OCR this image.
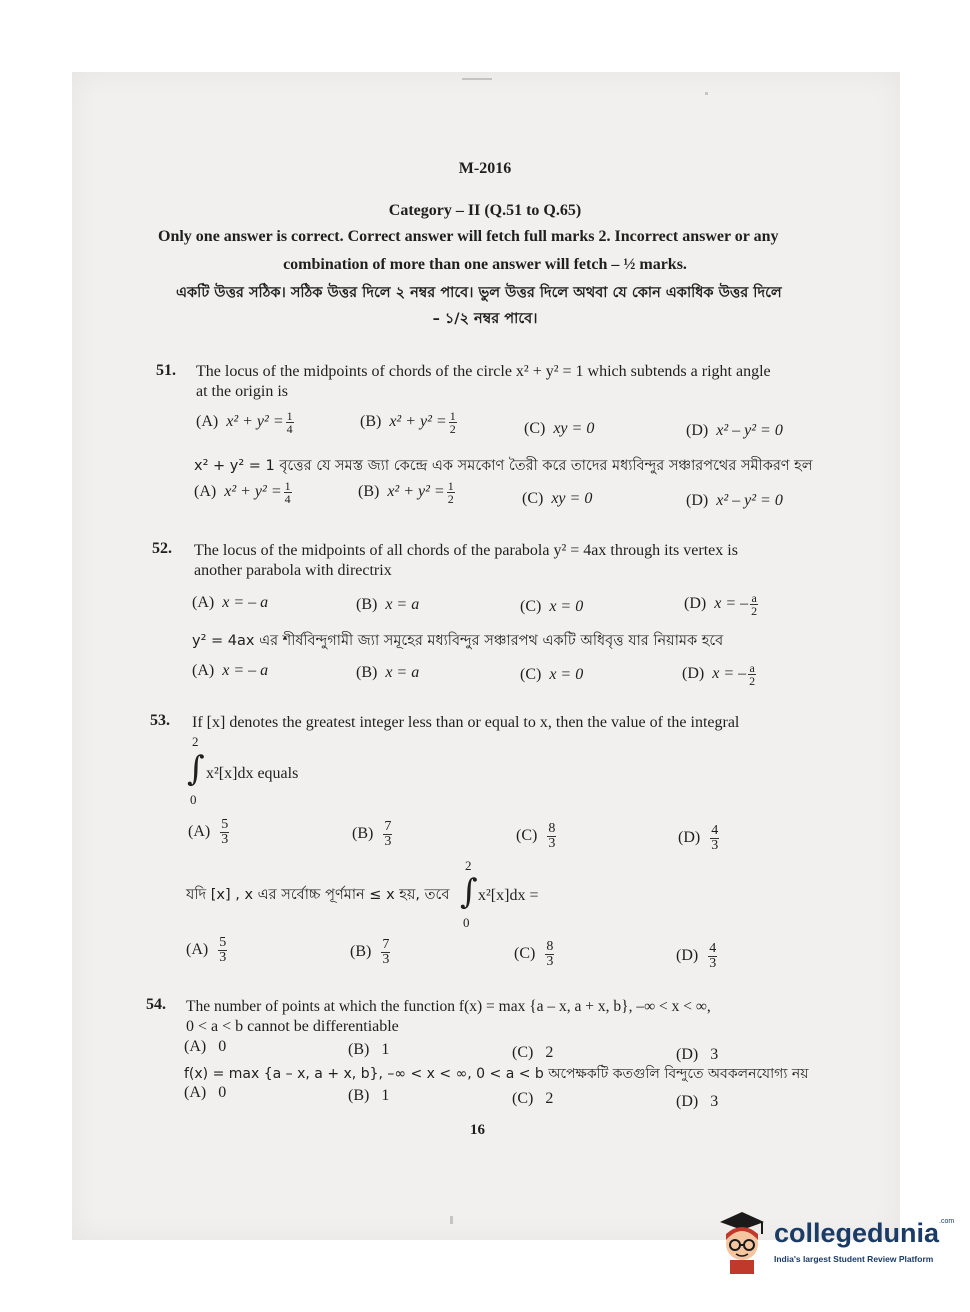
M-2016
Category – II (Q.51 to Q.65)
Only one answer is correct. Correct answer will fetch full marks 2. Incorrect answer or any
combination of more than one answer will fetch – ½ marks.
একটি উত্তর সঠিক। সঠিক উত্তর দিলে ২ নম্বর পাবে। ভুল উত্তর দিলে অথবা যে কোন একাধিক উত্তর দিলে
– ১/২ নম্বর পাবে।
51. The locus of the midpoints of chords of the circle x² + y² = 1 which subtends a right angle
at the origin is
(A) $x^2 + y^2 = \frac{1}{4}$	(B) $x^2 + y^2 = \frac{1}{2}$	(C) xy = 0	(D) x² – y² = 0
x² + y² = 1 বৃত্তের যে সমস্ত জ্যা কেন্দ্রে এক সমকোণ তৈরী করে তাদের মধ্যবিন্দুর সঞ্চারপথের সমীকরণ হল
(A) $x^2 + y^2 = \frac{1}{4}$	(B) $x^2 + y^2 = \frac{1}{2}$	(C) xy = 0	(D) x² – y² = 0
52. The locus of the midpoints of all chords of the parabola y² = 4ax through its vertex is
another parabola with directrix
(A) x = – a	(B) x = a	(C) x = 0	(D) x = – $\frac{a}{2}$
y² = 4ax এর শীর্ষবিন্দুগামী জ্যা সমূহের মধ্যবিন্দুর সঞ্চারপথ একটি অধিবৃত্ত যার নিয়ামক হবে
(A) x = – a	(B) x = a	(C) x = 0	(D) x = – $\frac{a}{2}$
53. If [x] denotes the greatest integer less than or equal to x, then the value of the integral
2
∫ x²[x]dx equals
0
$(A) \frac{5}{3}$	$(B) \frac{7}{3}$	$(C) \frac{8}{3}$	$(D) \frac{4}{3}$
যদি [x] , x এর সর্বোচ্চ পূর্ণমান ≤ x হয়, তবে
2
∫ x²[x]dx =
0
$(A) \frac{5}{3}$	$(B) \frac{7}{3}$	$(C) \frac{8}{3}$	$(D) \frac{4}{3}$
54. The number of points at which the function f(x) = max {a – x, a + x, b}, –∞ < x < ∞,
0 < a < b cannot be differentiable
(A) 0	(B) 1	(C) 2	(D) 3
f(x) = max {a – x, a + x, b}, –∞ < x < ∞, 0 < a < b অপেক্ষকটি কতগুলি বিন্দুতে অবকলনযোগ্য নয়
(A) 0	(B) 1	(C) 2	(D) 3
16
collegedunia$^{.com}$
India's largest Student Review Platform
